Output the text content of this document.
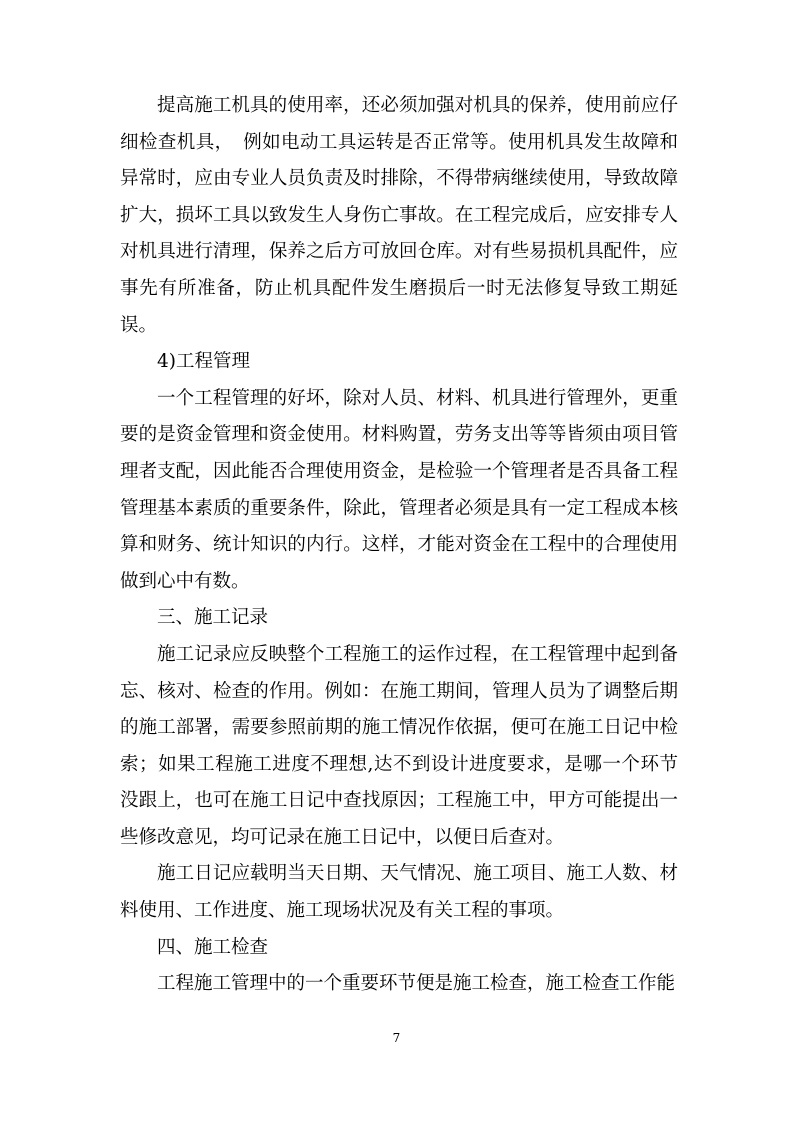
提高施工机具的使用率，还必须加强对机具的保养，使用前应仔细检查机具，　例如电动工具运转是否正常等。使用机具发生故障和异常时，应由专业人员负责及时排除，不得带病继续使用，导致故障扩大，损坏工具以致发生人身伤亡事故。在工程完成后，应安排专人对机具进行清理，保养之后方可放回仓库。对有些易损机具配件，应事先有所准备，防止机具配件发生磨损后一时无法修复导致工期延误。

4)工程管理

一个工程管理的好坏，除对人员、材料、机具进行管理外，更重要的是资金管理和资金使用。材料购置，劳务支出等等皆须由项目管理者支配，因此能否合理使用资金，是检验一个管理者是否具备工程管理基本素质的重要条件，除此，管理者必须是具有一定工程成本核算和财务、统计知识的内行。这样，才能对资金在工程中的合理使用做到心中有数。

三、施工记录

施工记录应反映整个工程施工的运作过程，在工程管理中起到备忘、核对、检查的作用。例如：在施工期间，管理人员为了调整后期的施工部署，需要参照前期的施工情况作依据，便可在施工日记中检索；如果工程施工进度不理想,达不到设计进度要求，是哪一个环节没跟上，也可在施工日记中查找原因；工程施工中，甲方可能提出一些修改意见，均可记录在施工日记中，以便日后查对。

施工日记应载明当天日期、天气情况、施工项目、施工人数、材料使用、工作进度、施工现场状况及有关工程的事项。

四、施工检查

工程施工管理中的一个重要环节便是施工检查，施工检查工作能

7
